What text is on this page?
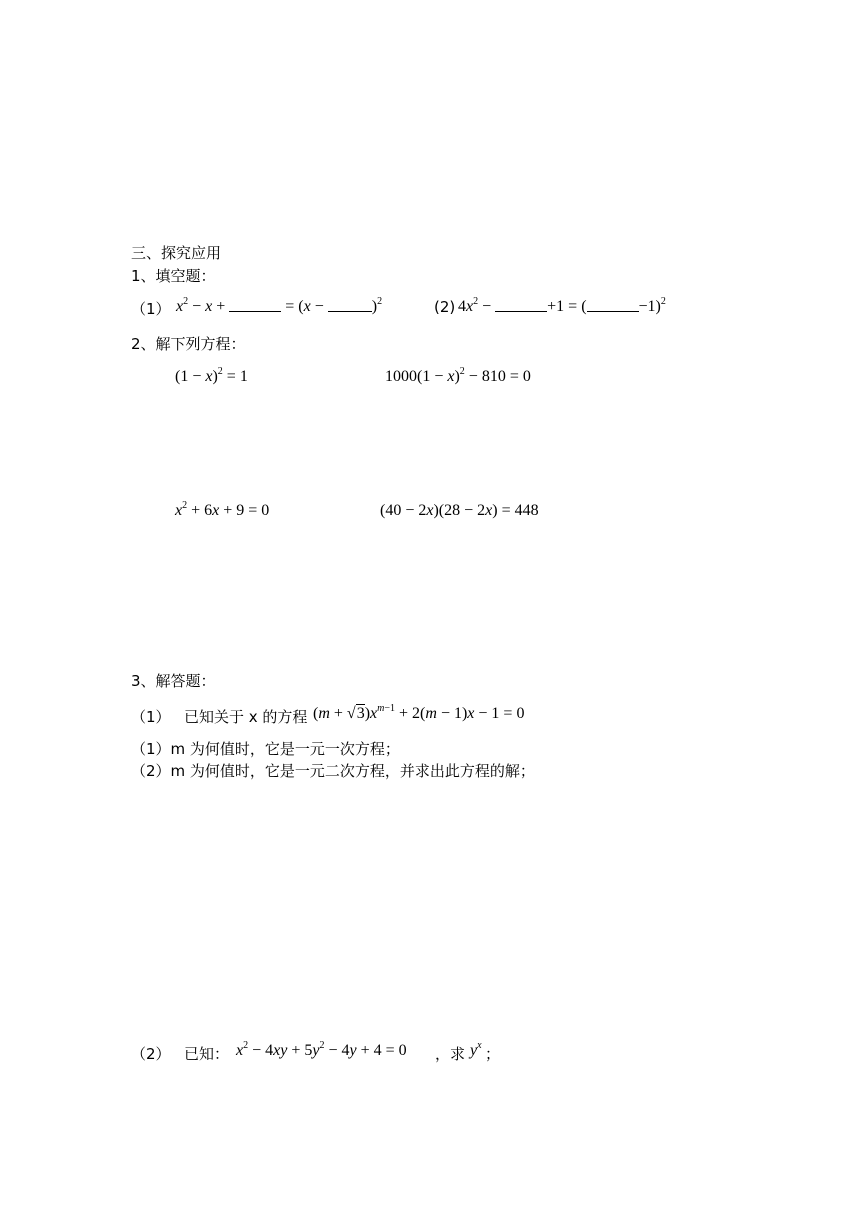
三、探究应用
1、填空题：
（1） $x^2 - x$ +	= (x −	)$^2$	(2) $4x^2$ −	+1 = (	−1)$^2$
2、解下列方程：
$(1 - x)^2 = 1$	$1000(1 - x)^2 - 810 = 0$
$x^2 + 6x + 9 = 0$	(40 − 2x)(28 − 2x) = 448
3、解答题：
（1） 已知关于 x 的方程 $(m + √3)x^{m-1} + 2(m - 1)x - 1 = 0$
（1）m 为何值时，它是一元一次方程；
（2）m 为何值时，它是一元二次方程，并求出此方程的解；
（2） 已知： $x^2 - 4xy + 5y^2 - 4y + 4 = 0$ ，求 $y^x$ ；
